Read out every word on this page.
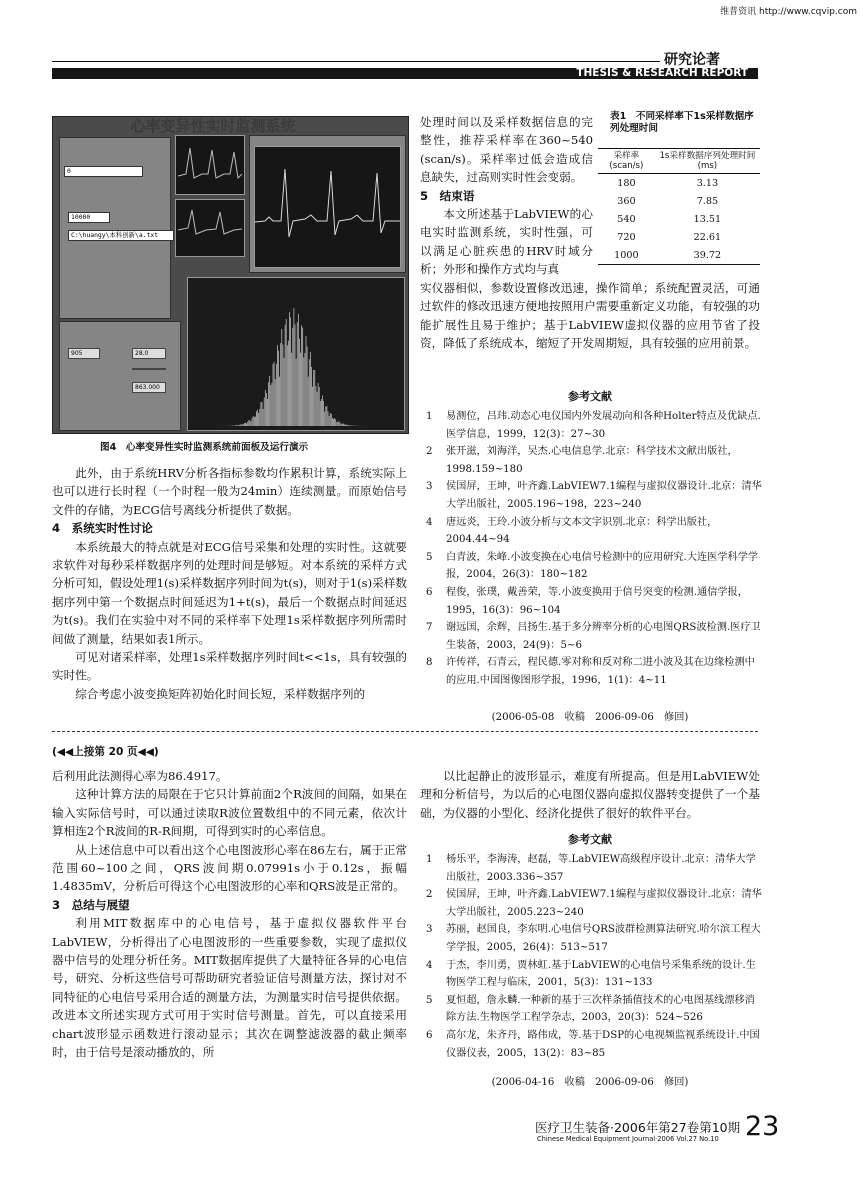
维普资讯 http://www.cqvip.com
研究论著
THESIS & RESEARCH REPORT
心率变异性实时监测系统
0
10000
C:\huangy\本科创新\a.txt
905	28.0
863.000
图4　心率变异性实时监测系统前面板及运行演示

此外，由于系统HRV分析各指标参数均作累积计算，系统实际上也可以进行长时程（一个时程一般为24min）连续测量。而原始信号文件的存储，为ECG信号离线分析提供了数据。

4　系统实时性讨论

本系统最大的特点就是对ECG信号采集和处理的实时性。这就要求软件对每秒采样数据序列的处理时间是够短。对本系统的采样方式分析可知，假设处理1(s)采样数据序列时间为t(s)，则对于1(s)采样数据序列中第一个数据点时间延迟为1+t(s)，最后一个数据点时间延迟为t(s)。我们在实验中对不同的采样率下处理1s采样数据序列所需时间做了测量，结果如表1所示。

可见对诸采样率，处理1s采样数据序列时间t<<1s，具有较强的实时性。

综合考虑小波变换矩阵初始化时间长短，采样数据序列的

处理时间以及采样数据信息的完整性，推荐采样率在360~540 (scan/s)。采样率过低会造成信息缺失，过高则实时性会变弱。

5　结束语

本文所述基于LabVIEW的心电实时监测系统，实时性强，可以满足心脏疾患的HRV时域分析；外形和操作方式均与真

实仪器相似，参数设置修改迅速，操作简单；系统配置灵活，可通过软件的修改迅速方便地按照用户需要重新定义功能，有较强的功能扩展性且易于维护；基于LabVIEW虚拟仪器的应用节省了投资，降低了系统成本，缩短了开发周期短，具有较强的应用前景。

表1　不同采样率下1s采样数据序列处理时间
采样率(scan/s)	1s采样数据序列处理时间(ms)
180	3.13
360	7.85
540	13.51
720	22.61
1000	39.72
参考文献
1	易测位，吕玮.动态心电仪国内外发展动向和各种Holter特点及优缺点.医学信息，1999，12(3)：27~30
2	张开滋，刘海洋，吴杰.心电信息学.北京：科学技术文献出版社，1998.159~180
3	侯国屏，王坤，叶齐鑫.LabVIEW7.1编程与虚拟仪器设计.北京：清华大学出版社，2005.196~198，223~240
4	唐远炎，王玲.小波分析与文本文字识别.北京：科学出版社，2004.44~94
5	白青波，朱峰.小波变换在心电信号检测中的应用研究.大连医学科学学报，2004，26(3)：180~182
6	程俊，张璞，戴善荣，等.小波变换用于信号突变的检测.通信学报，1995，16(3)：96~104
7	谢远国，余辉，吕扬生.基于多分辨率分析的心电图QRS波检测.医疗卫生装备，2003，24(9)：5~6
8	许传祥，石青云，程民德.零对称和反对称二进小波及其在边缘检测中的应用.中国图像图形学报，1996，1(1)：4~11
(2006-05-08　收稿　2006-09-06　修回)
(◀◀上接第 20 页◀◀)

后利用此法测得心率为86.4917。

这种计算方法的局限在于它只计算前面2个R波间的间隔，如果在输入实际信号时，可以通过读取R波位置数组中的不同元素，依次计算相连2个R波间的R-R间期，可得到实时的心率信息。

从上述信息中可以看出这个心电图波形心率在86左右，属于正常范围60~100之间，QRS波间期0.07991s小于0.12s，振幅1.4835mV，分析后可得这个心电图波形的心率和QRS波是正常的。

3　总结与展望

利用MIT数据库中的心电信号，基于虚拟仪器软件平台LabVIEW，分析得出了心电图波形的一些重要参数，实现了虚拟仪器中信号的处理分析任务。MIT数据库提供了大量特征各异的心电信号，研究、分析这些信号可帮助研究者验证信号测量方法，探讨对不同特征的心电信号采用合适的测量方法，为测量实时信号提供依据。改进本文所述实现方式可用于实时信号测量。首先，可以直接采用chart波形显示函数进行滚动显示；其次在调整滤波器的截止频率时，由于信号是滚动播放的，所

以比起静止的波形显示，难度有所提高。但是用LabVIEW处理和分析信号，为以后的心电图仪器向虚拟仪器转变提供了一个基础，为仪器的小型化、经济化提供了很好的软件平台。

参考文献
1	杨乐平，李海涛，赵磊，等.LabVIEW高级程序设计.北京：清华大学出版社，2003.336~357
2	侯国屏，王坤，叶齐鑫.LabVIEW7.1编程与虚拟仪器设计.北京：清华大学出版社，2005.223~240
3	苏丽，赵国良，李东明.心电信号QRS波群检测算法研究.哈尔滨工程大学学报，2005，26(4)：513~517
4	于杰，李川勇，贾林虹.基于LabVIEW的心电信号采集系统的设计.生物医学工程与临床，2001，5(3)：131~133
5	夏恒超，詹永麟.一种新的基于三次样条插值技术的心电图基线漂移消除方法.生物医学工程学杂志，2003，20(3)：524~526
6	高尔龙，朱齐丹，路伟成，等.基于DSP的心电视频监视系统设计.中国仪器仪表，2005，13(2)：83~85
(2006-04-16　收稿　2006-09-06　修回)
医疗卫生装备·2006年第27卷第10期
Chinese Medical Equipment Journal·2006 Vol.27 No.10 23
